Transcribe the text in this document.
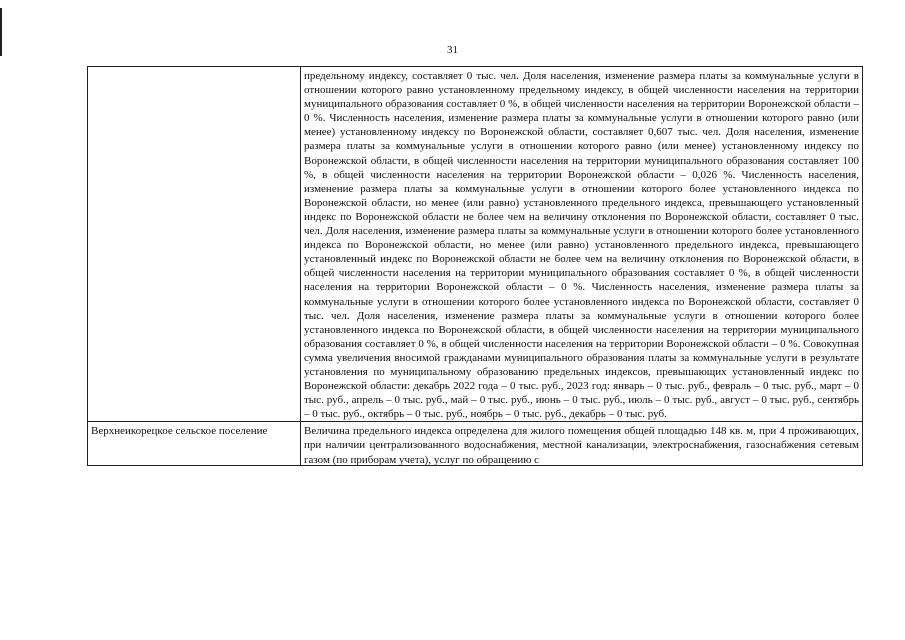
31
	предельному индексу, составляет 0 тыс. чел. Доля населения, изменение размера платы за коммунальные услуги в отношении которого равно установленному предельному индексу, в общей численности населения на территории муниципального образования составляет 0 %, в общей численности населения на территории Воронежской области – 0 %. Численность населения, изменение размера платы за коммунальные услуги в отношении которого равно (или менее) установленному индексу по Воронежской области, составляет 0,607 тыс. чел. Доля населения, изменение размера платы за коммунальные услуги в отношении которого равно (или менее) установленному индексу по Воронежской области, в общей численности населения на территории муниципального образования составляет 100 %, в общей численности населения на территории Воронежской области – 0,026 %. Численность населения, изменение размера платы за коммунальные услуги в отношении которого более установленного индекса по Воронежской области, но менее (или равно) установленного предельного индекса, превышающего установленный индекс по Воронежской области не более чем на величину отклонения по Воронежской области, составляет 0 тыс. чел. Доля населения, изменение размера платы за коммунальные услуги в отношении которого более установленного индекса по Воронежской области, но менее (или равно) установленного предельного индекса, превышающего установленный индекс по Воронежской области не более чем на величину отклонения по Воронежской области, в общей численности населения на территории муниципального образования составляет 0 %, в общей численности населения на территории Воронежской области – 0 %. Численность населения, изменение размера платы за коммунальные услуги в отношении которого более установленного индекса по Воронежской области, составляет 0 тыс. чел. Доля населения, изменение размера платы за коммунальные услуги в отношении которого более установленного индекса по Воронежской области, в общей численности населения на территории муниципального образования составляет 0 %, в общей численности населения на территории Воронежской области – 0 %. Совокупная сумма увеличения вносимой гражданами муниципального образования платы за коммунальные услуги в результате установления по муниципальному образованию предельных индексов, превышающих установленный индекс по Воронежской области: декабрь 2022 года – 0 тыс. руб., 2023 год: январь – 0 тыс. руб., февраль – 0 тыс. руб., март – 0 тыс. руб., апрель – 0 тыс. руб., май – 0 тыс. руб., июнь – 0 тыс. руб., июль – 0 тыс. руб., август – 0 тыс. руб., сентябрь – 0 тыс. руб., октябрь – 0 тыс. руб., ноябрь – 0 тыс. руб., декабрь – 0 тыс. руб.

Верхнеикорецкое сельское поселение	Величина предельного индекса определена для жилого помещения общей площадью 148 кв. м, при 4 проживающих, при наличии централизованного водоснабжения, местной канализации, электроснабжения, газоснабжения сетевым газом (по приборам учета), услуг по обращению с
